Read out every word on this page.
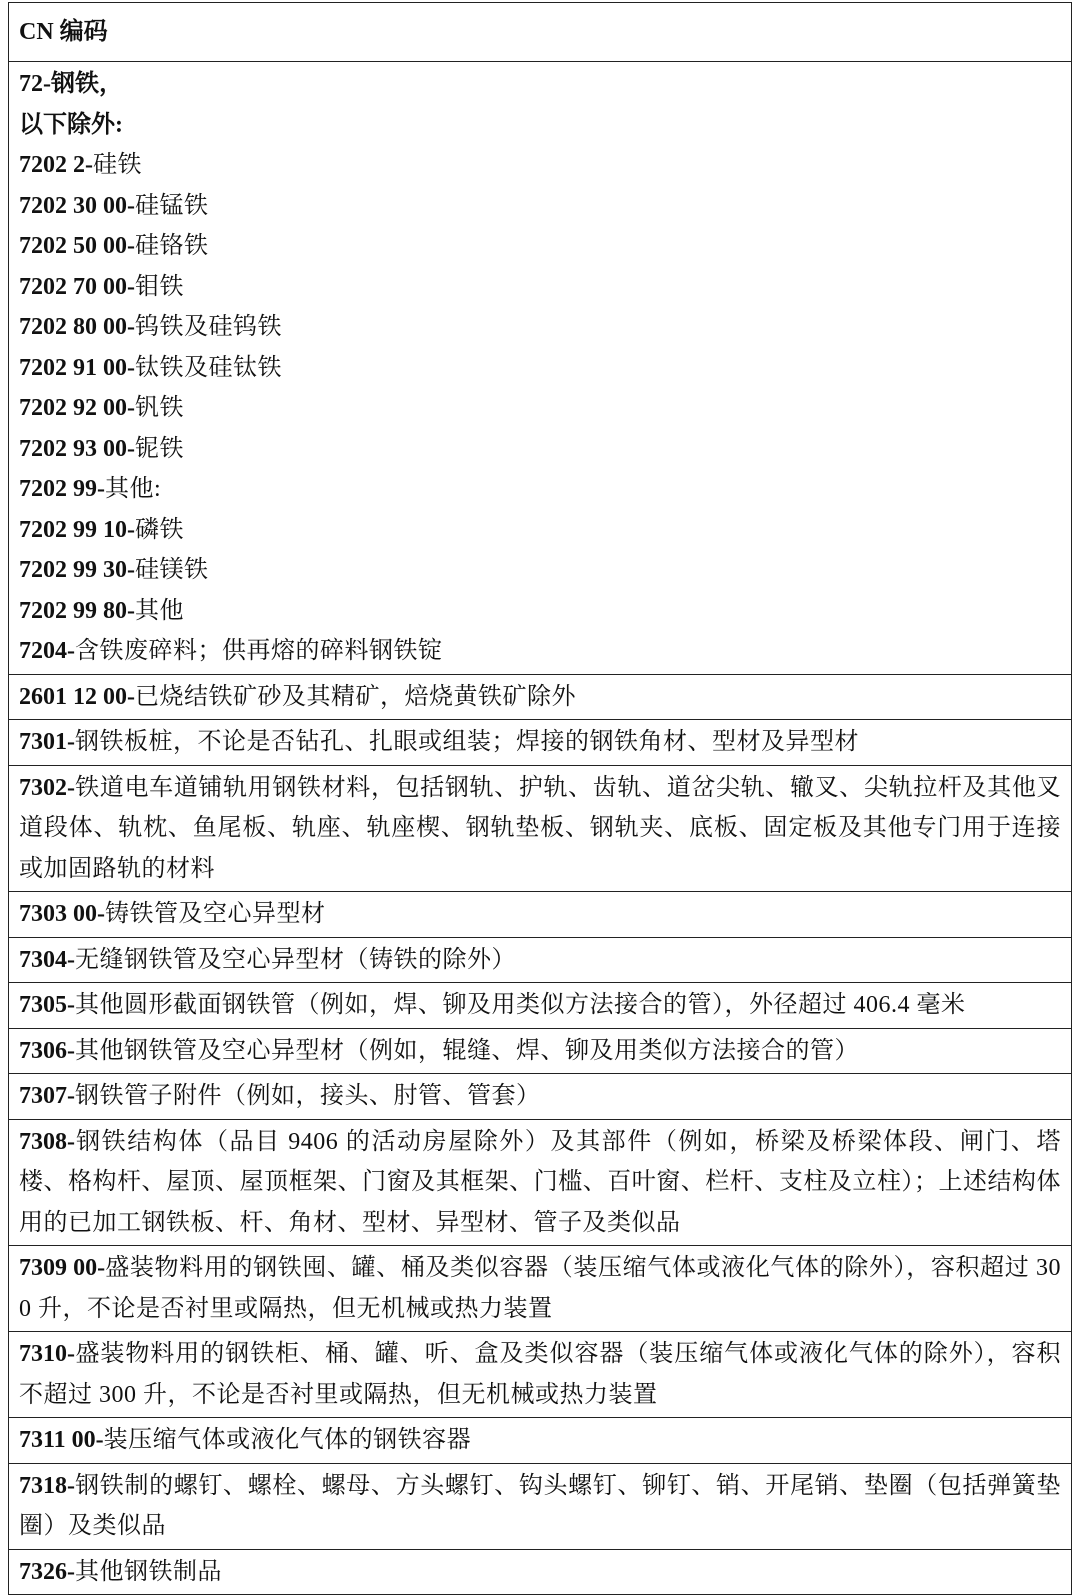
CN 编码

72-钢铁，
以下除外:
7202 2-硅铁
7202 30 00-硅锰铁
7202 50 00-硅铬铁
7202 70 00-钼铁
7202 80 00-钨铁及硅钨铁
7202 91 00-钛铁及硅钛铁
7202 92 00-钒铁
7202 93 00-铌铁
7202 99-其他:
7202 99 10-磷铁
7202 99 30-硅镁铁
7202 99 80-其他
7204-含铁废碎料；供再熔的碎料钢铁锭

2601 12 00-已烧结铁矿砂及其精矿，焙烧黄铁矿除外
7301-钢铁板桩，不论是否钻孔、扎眼或组装；焊接的钢铁角材、型材及异型材
7302-铁道电车道铺轨用钢铁材料，包括钢轨、护轨、齿轨、道岔尖轨、辙叉、尖轨拉杆及其他叉道段体、轨枕、鱼尾板、轨座、轨座楔、钢轨垫板、钢轨夹、底板、固定板及其他专门用于连接或加固路轨的材料
7303 00-铸铁管及空心异型材
7304-无缝钢铁管及空心异型材（铸铁的除外）
7305-其他圆形截面钢铁管（例如，焊、铆及用类似方法接合的管），外径超过 406.4 毫米
7306-其他钢铁管及空心异型材（例如，辊缝、焊、铆及用类似方法接合的管）
7307-钢铁管子附件（例如，接头、肘管、管套）
7308-钢铁结构体（品目 9406 的活动房屋除外）及其部件（例如，桥梁及桥梁体段、闸门、塔楼、格构杆、屋顶、屋顶框架、门窗及其框架、门槛、百叶窗、栏杆、支柱及立柱）；上述结构体用的已加工钢铁板、杆、角材、型材、异型材、管子及类似品
7309 00-盛装物料用的钢铁囤、罐、桶及类似容器（装压缩气体或液化气体的除外），容积超过 300 升，不论是否衬里或隔热，但无机械或热力装置
7310-盛装物料用的钢铁柜、桶、罐、听、盒及类似容器（装压缩气体或液化气体的除外），容积不超过 300 升，不论是否衬里或隔热，但无机械或热力装置
7311 00-装压缩气体或液化气体的钢铁容器
7318-钢铁制的螺钉、螺栓、螺母、方头螺钉、钩头螺钉、铆钉、销、开尾销、垫圈（包括弹簧垫圈）及类似品
7326-其他钢铁制品
